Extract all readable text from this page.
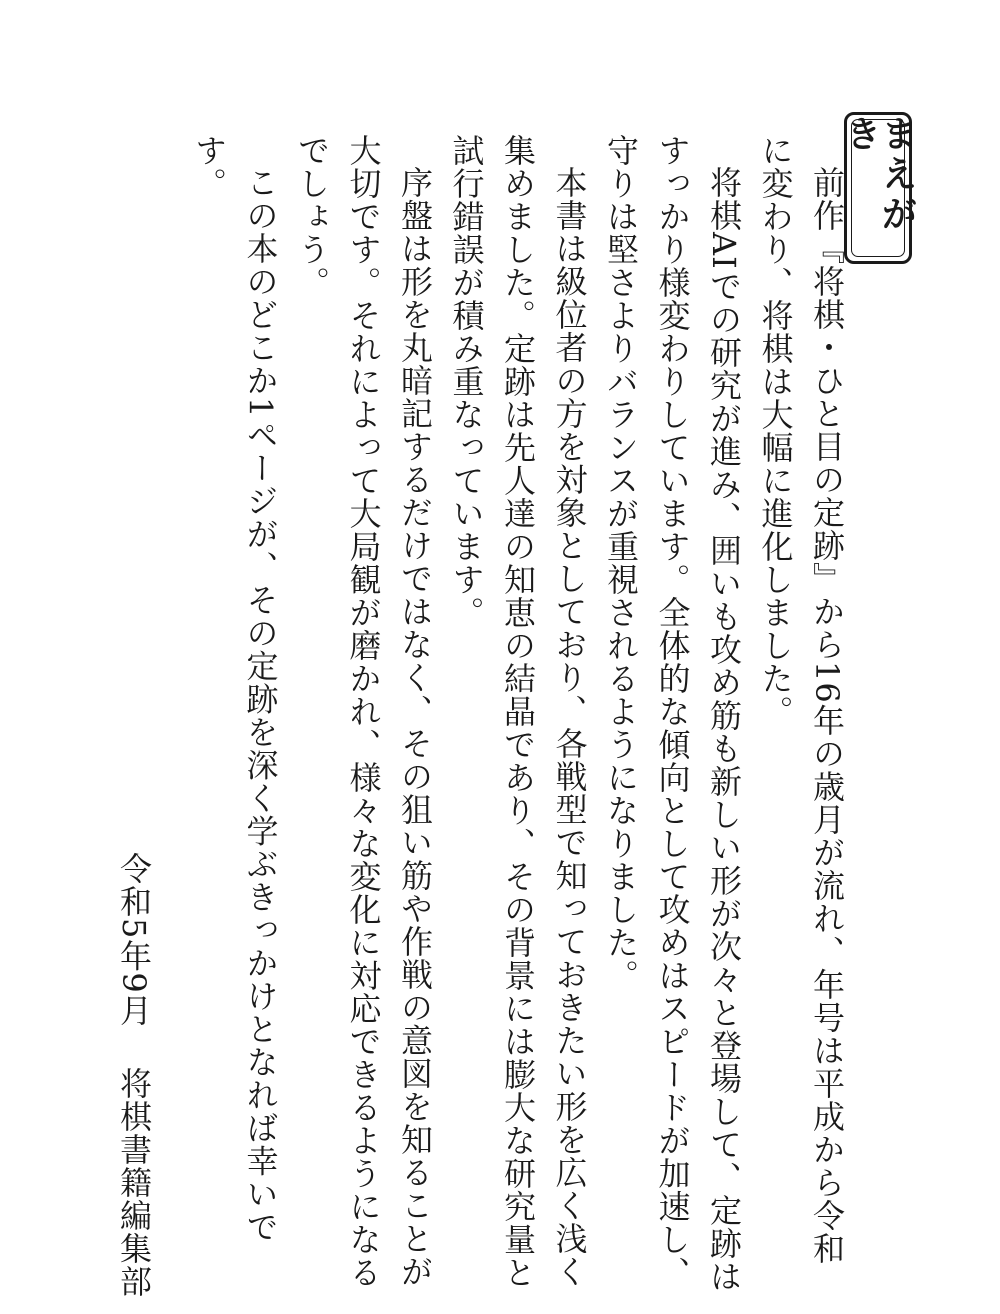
まえがき

前作『将棋・ひと目の定跡』から16年の歳月が流れ、年号は平成から令和に変わり、将棋は大幅に進化しました。

将棋AIでの研究が進み、囲いも攻め筋も新しい形が次々と登場して、定跡はすっかり様変わりしています。全体的な傾向として攻めはスピードが加速し、守りは堅さよりバランスが重視されるようになりました。

本書は級位者の方を対象としており、各戦型で知っておきたい形を広く浅く集めました。定跡は先人達の知恵の結晶であり、その背景には膨大な研究量と試行錯誤が積み重なっています。

序盤は形を丸暗記するだけではなく、その狙い筋や作戦の意図を知ることが大切です。それによって大局観が磨かれ、様々な変化に対応できるようになるでしょう。

この本のどこか1ページが、その定跡を深く学ぶきっかけとなれば幸いです。

令和5年9月将棋書籍編集部
